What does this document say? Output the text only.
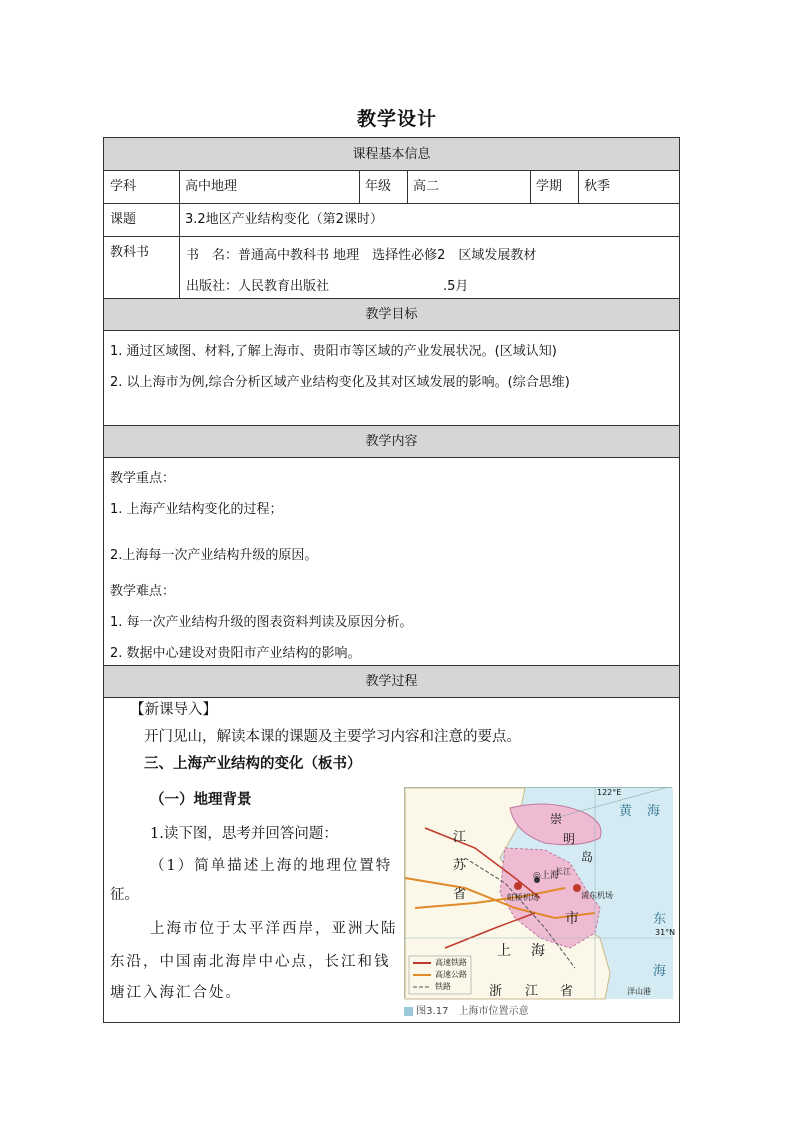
教学设计
课程基本信息
学科	高中地理	年级	高二	学期	秋季
课题	3.2地区产业结构变化（第2课时）
教科书	书　名：普通高中教科书 地理　选择性必修2　区域发展教材
出版社：人民教育出版社	.5月
教学目标
1. 通过区域图、材料,了解上海市、贵阳市等区域的产业发展状况。(区域认知)
2. 以上海市为例,综合分析区域产业结构变化及其对区域发展的影响。(综合思维)
教学内容
教学重点：
1. 上海产业结构变化的过程；
2.上海每一次产业结构升级的原因。
教学难点：
1. 每一次产业结构升级的图表资料判读及原因分析。
2. 数据中心建设对贵阳市产业结构的影响。
教学过程
【新课导入】
开门见山，解读本课的课题及主要学习内容和注意的要点。
三、上海产业结构的变化（板书）
（一）地理背景
1.读下图，思考并回答问题：
（1）简单描述上海的地理位置特
征。
上海市位于太平洋西岸，亚洲大陆
东沿，中国南北海岸中心点，长江和钱
塘江入海汇合处。
江
苏
省
黄 海
崇
明
岛
上 海
市	东
海
浙 江 省
◎上海
虹桥机场	浦东机场
长江
洋山港
122°E
31°N
高速铁路
高速公路
铁路
图3.17　上海市位置示意
